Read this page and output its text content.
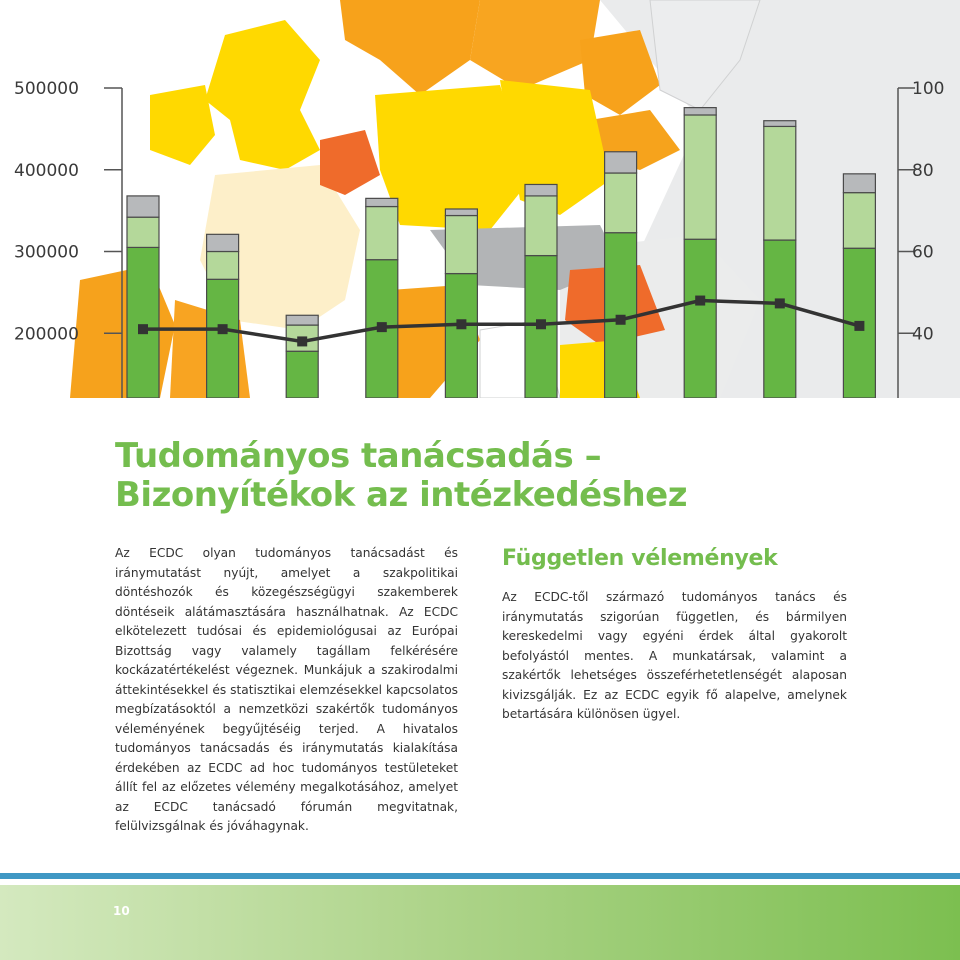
200000
300000
400000
500000
40
60
80
100
Tudományos tanácsadás –
Bizonyítékok az intézkedéshez
Az ECDC olyan tudományos tanácsadást és iránymutatást nyújt, amelyet a szakpolitikai döntéshozók és közegészségügyi szakemberek döntéseik alátámasztására használhatnak. Az ECDC elkötelezett tudósai és epidemiológusai az Európai Bizottság vagy valamely tagállam felkérésére kockázatértékelést végeznek. Munkájuk a szakirodalmi áttekintésekkel és statisztikai elemzésekkel kapcsolatos megbízatásoktól a nemzetközi szakértők tudományos véleményének begyűjtéséig terjed. A hivatalos tudományos tanácsadás és iránymutatás kialakítása érdekében az ECDC ad hoc tudományos testületeket állít fel az előzetes vélemény megalkotásához, amelyet az ECDC tanácsadó fórumán megvitatnak, felülvizsgálnak és jóváhagynak.
Független vélemények
Az ECDC-től származó tudományos tanács és iránymutatás szigorúan független, és bármilyen kereskedelmi vagy egyéni érdek által gyakorolt befolyástól mentes. A munkatársak, valamint a szakértők lehetséges összeférhetetlenségét alaposan kivizsgálják. Ez az ECDC egyik fő alapelve, amelynek betartására különösen ügyel.
10
